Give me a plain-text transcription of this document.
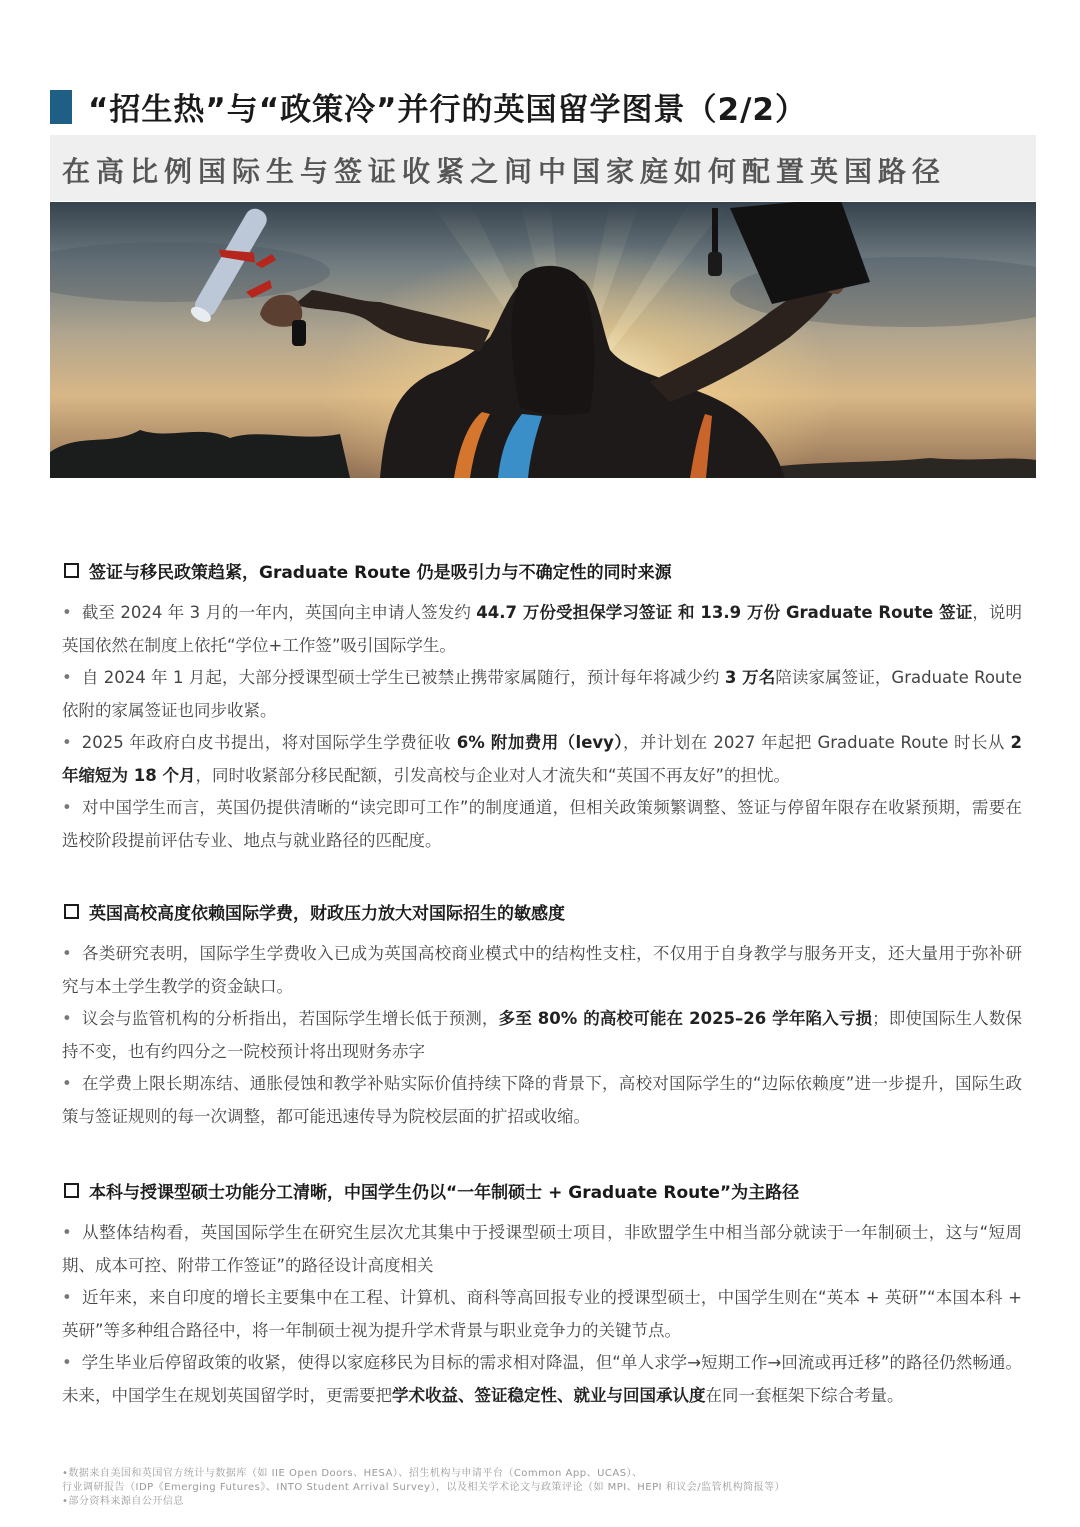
“招生热”与“政策冷”并行的英国留学图景（2/2）
在高比例国际生与签证收紧之间中国家庭如何配置英国路径
签证与移民政策趋紧，Graduate Route 仍是吸引力与不确定性的同时来源

• 截至 2024 年 3 月的一年内，英国向主申请人签发约 44.7 万份受担保学习签证 和 13.9 万份 Graduate Route 签证，说明英国依然在制度上依托“学位+工作签”吸引国际学生。

• 自 2024 年 1 月起，大部分授课型硕士学生已被禁止携带家属随行，预计每年将减少约 3 万名陪读家属签证，Graduate Route 依附的家属签证也同步收紧。

• 2025 年政府白皮书提出，将对国际学生学费征收 6% 附加费用（levy），并计划在 2027 年起把 Graduate Route 时长从 2 年缩短为 18 个月，同时收紧部分移民配额，引发高校与企业对人才流失和“英国不再友好”的担忧。

• 对中国学生而言，英国仍提供清晰的“读完即可工作”的制度通道，但相关政策频繁调整、签证与停留年限存在收紧预期，需要在选校阶段提前评估专业、地点与就业路径的匹配度。

英国高校高度依赖国际学费，财政压力放大对国际招生的敏感度

• 各类研究表明，国际学生学费收入已成为英国高校商业模式中的结构性支柱，不仅用于自身教学与服务开支，还大量用于弥补研究与本土学生教学的资金缺口。

• 议会与监管机构的分析指出，若国际学生增长低于预测，多至 80% 的高校可能在 2025–26 学年陷入亏损；即使国际生人数保持不变，也有约四分之一院校预计将出现财务赤字

• 在学费上限长期冻结、通胀侵蚀和教学补贴实际价值持续下降的背景下，高校对国际学生的“边际依赖度”进一步提升，国际生政策与签证规则的每一次调整，都可能迅速传导为院校层面的扩招或收缩。

本科与授课型硕士功能分工清晰，中国学生仍以“一年制硕士 + Graduate Route”为主路径

• 从整体结构看，英国国际学生在研究生层次尤其集中于授课型硕士项目，非欧盟学生中相当部分就读于一年制硕士，这与“短周期、成本可控、附带工作签证”的路径设计高度相关

• 近年来，来自印度的增长主要集中在工程、计算机、商科等高回报专业的授课型硕士，中国学生则在“英本 + 英研”“本国本科 + 英研”等多种组合路径中，将一年制硕士视为提升学术背景与职业竞争力的关键节点。

• 学生毕业后停留政策的收紧，使得以家庭移民为目标的需求相对降温，但“单人求学→短期工作→回流或再迁移”的路径仍然畅通。未来，中国学生在规划英国留学时，更需要把学术收益、签证稳定性、就业与回国承认度在同一套框架下综合考量。

•数据来自美国和英国官方统计与数据库（如 IIE Open Doors、HESA）、招生机构与申请平台（Common App、UCAS）、
行业调研报告（IDP《Emerging Futures》、INTO Student Arrival Survey），以及相关学术论文与政策评论（如 MPI、HEPI 和议会/监管机构简报等）
•部分资料来源自公开信息
